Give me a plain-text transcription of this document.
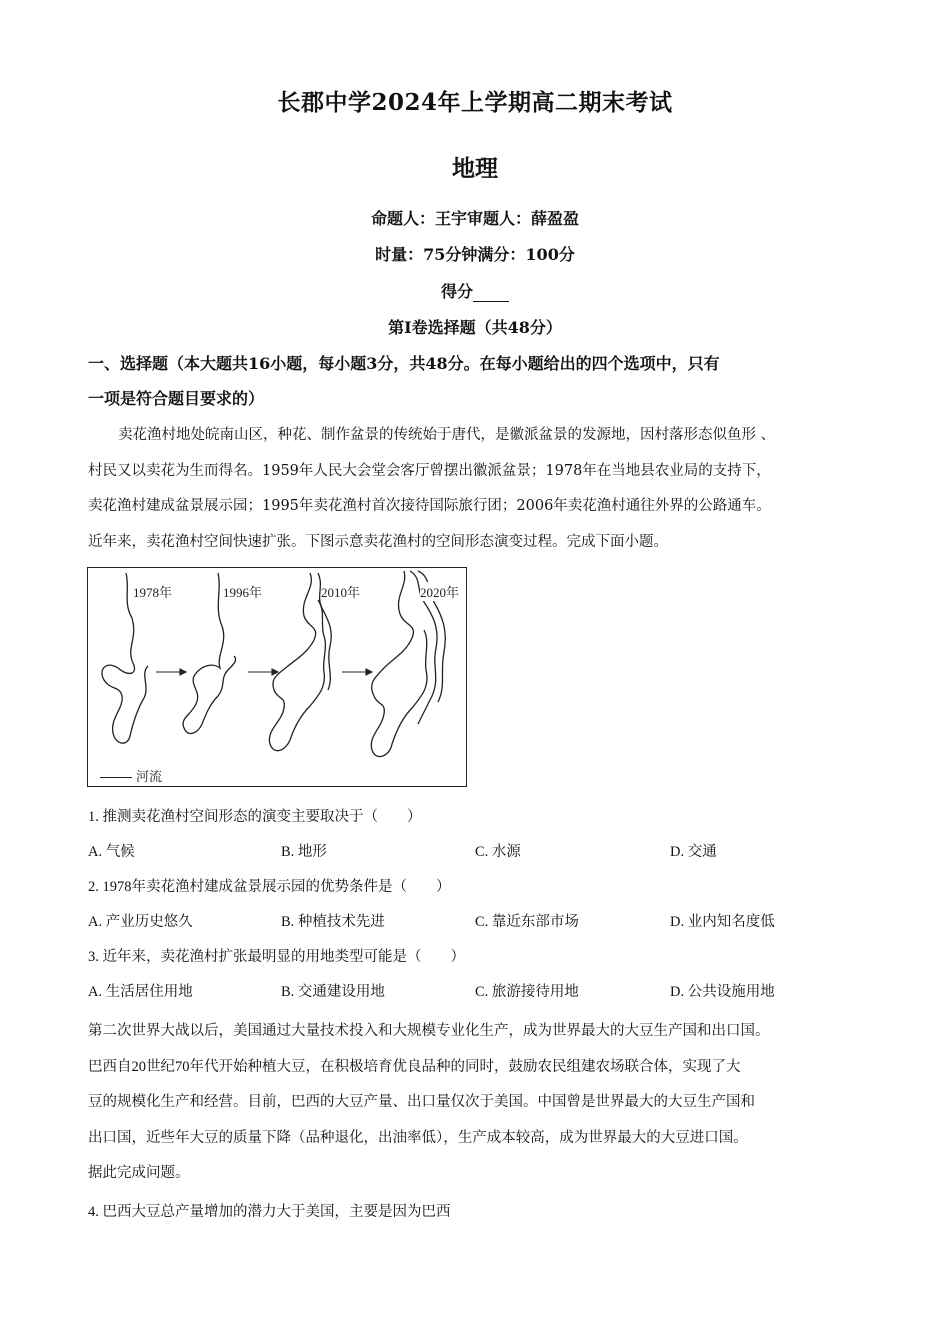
长郡中学2024年上学期高二期末考试
地理
命题人：王宇审题人：薛盈盈
时量：75分钟满分：100分
得分
第Ⅰ卷选择题（共48分）
一、选择题（本大题共16小题，每小题3分，共48分。在每小题给出的四个选项中，只有
一项是符合题目要求的）
卖花渔村地处皖南山区，种花、制作盆景的传统始于唐代，是徽派盆景的发源地，因村落形态似鱼形 、
村民又以卖花为生而得名。1959年人民大会堂会客厅曾摆出徽派盆景；1978年在当地县农业局的支持下，
卖花渔村建成盆景展示园；1995年卖花渔村首次接待国际旅行团；2006年卖花渔村通往外界的公路通车。
近年来，卖花渔村空间快速扩张。下图示意卖花渔村的空间形态演变过程。完成下面小题。
1978年	1996年	2010年	2020年
河流
1. 推测卖花渔村空间形态的演变主要取决于（　　）
A. 气候	B. 地形	C. 水源	D. 交通
2. 1978年卖花渔村建成盆景展示园的优势条件是（　　）
A. 产业历史悠久	B. 种植技术先进	C. 靠近东部市场	D. 业内知名度低
3. 近年来，卖花渔村扩张最明显的用地类型可能是（　　）
A. 生活居住用地	B. 交通建设用地	C. 旅游接待用地	D. 公共设施用地
第二次世界大战以后，美国通过大量技术投入和大规模专业化生产，成为世界最大的大豆生产国和出口国。
巴西自20世纪70年代开始种植大豆，在积极培育优良品种的同时，鼓励农民组建农场联合体，实现了大
豆的规模化生产和经营。目前，巴西的大豆产量、出口量仅次于美国。中国曾是世界最大的大豆生产国和
出口国，近些年大豆的质量下降（品种退化，出油率低），生产成本较高，成为世界最大的大豆进口国。
据此完成问题。
4. 巴西大豆总产量增加的潜力大于美国，主要是因为巴西
